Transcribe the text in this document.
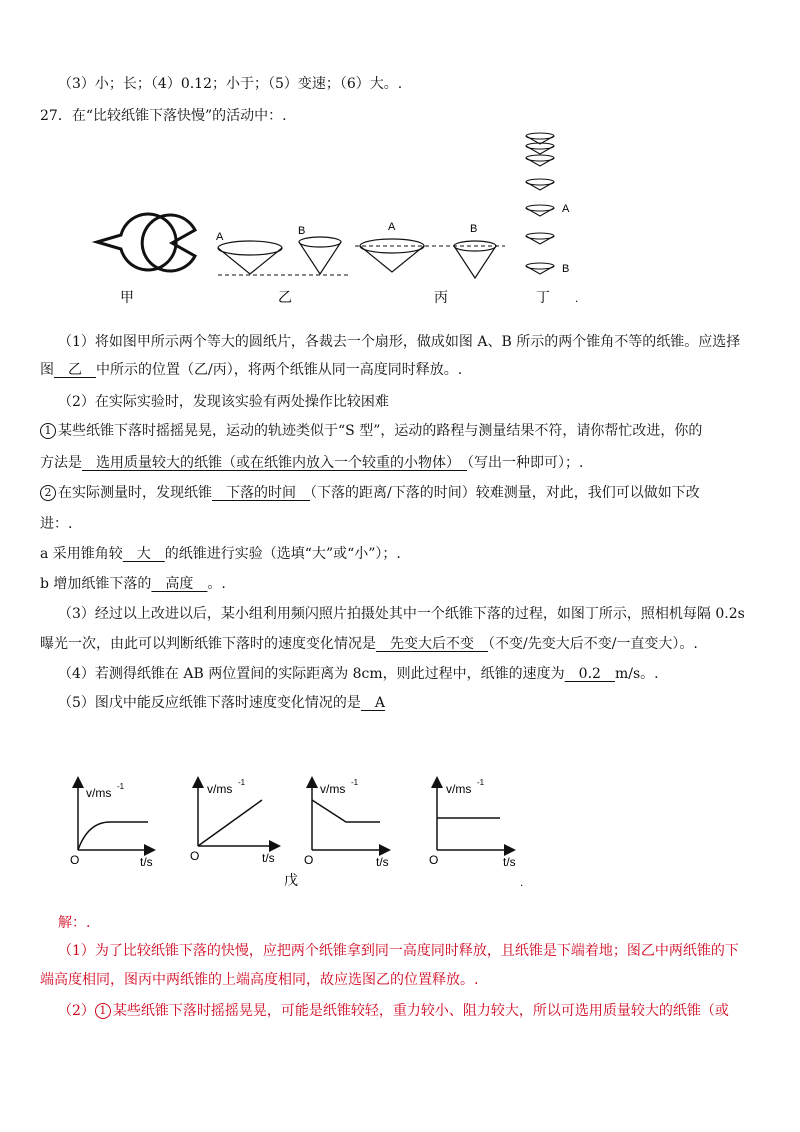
（3）小；长；（4）0.12；小于；（5）变速；（6）大。.
27．在“比较纸锥下落快慢”的活动中：.
A	B	A	B
A
B
甲	乙	丙	丁 .
（1）将如图甲所示两个等大的圆纸片，各裁去一个扇形，做成如图 A、B 所示的两个锥角不等的纸锥。应选择
图　乙　中所示的位置（乙/丙），将两个纸锥从同一高度同时释放。.
（2）在实际实验时，发现该实验有两处操作比较困难
1 某些纸锥下落时摇摇晃晃，运动的轨迹类似于“S 型”，运动的路程与测量结果不符，请你帮忙改进，你的
方法是　选用质量较大的纸锥（或在纸锥内放入一个较重的小物体）　（写出一种即可）；.
2 在实际测量时，发现纸锥　下落的时间　（下落的距离/下落的时间）较难测量，对此，我们可以做如下改
进：.
a 采用锥角较　大　的纸锥进行实验（选填“大”或“小”）；.
b 增加纸锥下落的　高度　。.
（3）经过以上改进以后，某小组利用频闪照片拍摄处其中一个纸锥下落的过程，如图丁所示，照相机每隔 0.2s
曝光一次，由此可以判断纸锥下落时的速度变化情况是　先变大后不变　（不变/先变大后不变/一直变大）。.
（4）若测得纸锥在 AB 两位置间的实际距离为 8cm，则此过程中，纸锥的速度为　0.2　m/s。.
（5）图戊中能反应纸锥下落时速度变化情况的是　A
v/ms -1
O	t/s
v/ms -1
O	t/s
v/ms -1
O	t/s
v/ms -1
O	t/s
戊	.
解：.
（1）为了比较纸锥下落的快慢，应把两个纸锥拿到同一高度同时释放，且纸锥是下端着地；图乙中两纸锥的下
端高度相同，图丙中两纸锥的上端高度相同，故应选图乙的位置释放。.
（2） 1 某些纸锥下落时摇摇晃晃，可能是纸锥较轻，重力较小、阻力较大，所以可选用质量较大的纸锥（或
